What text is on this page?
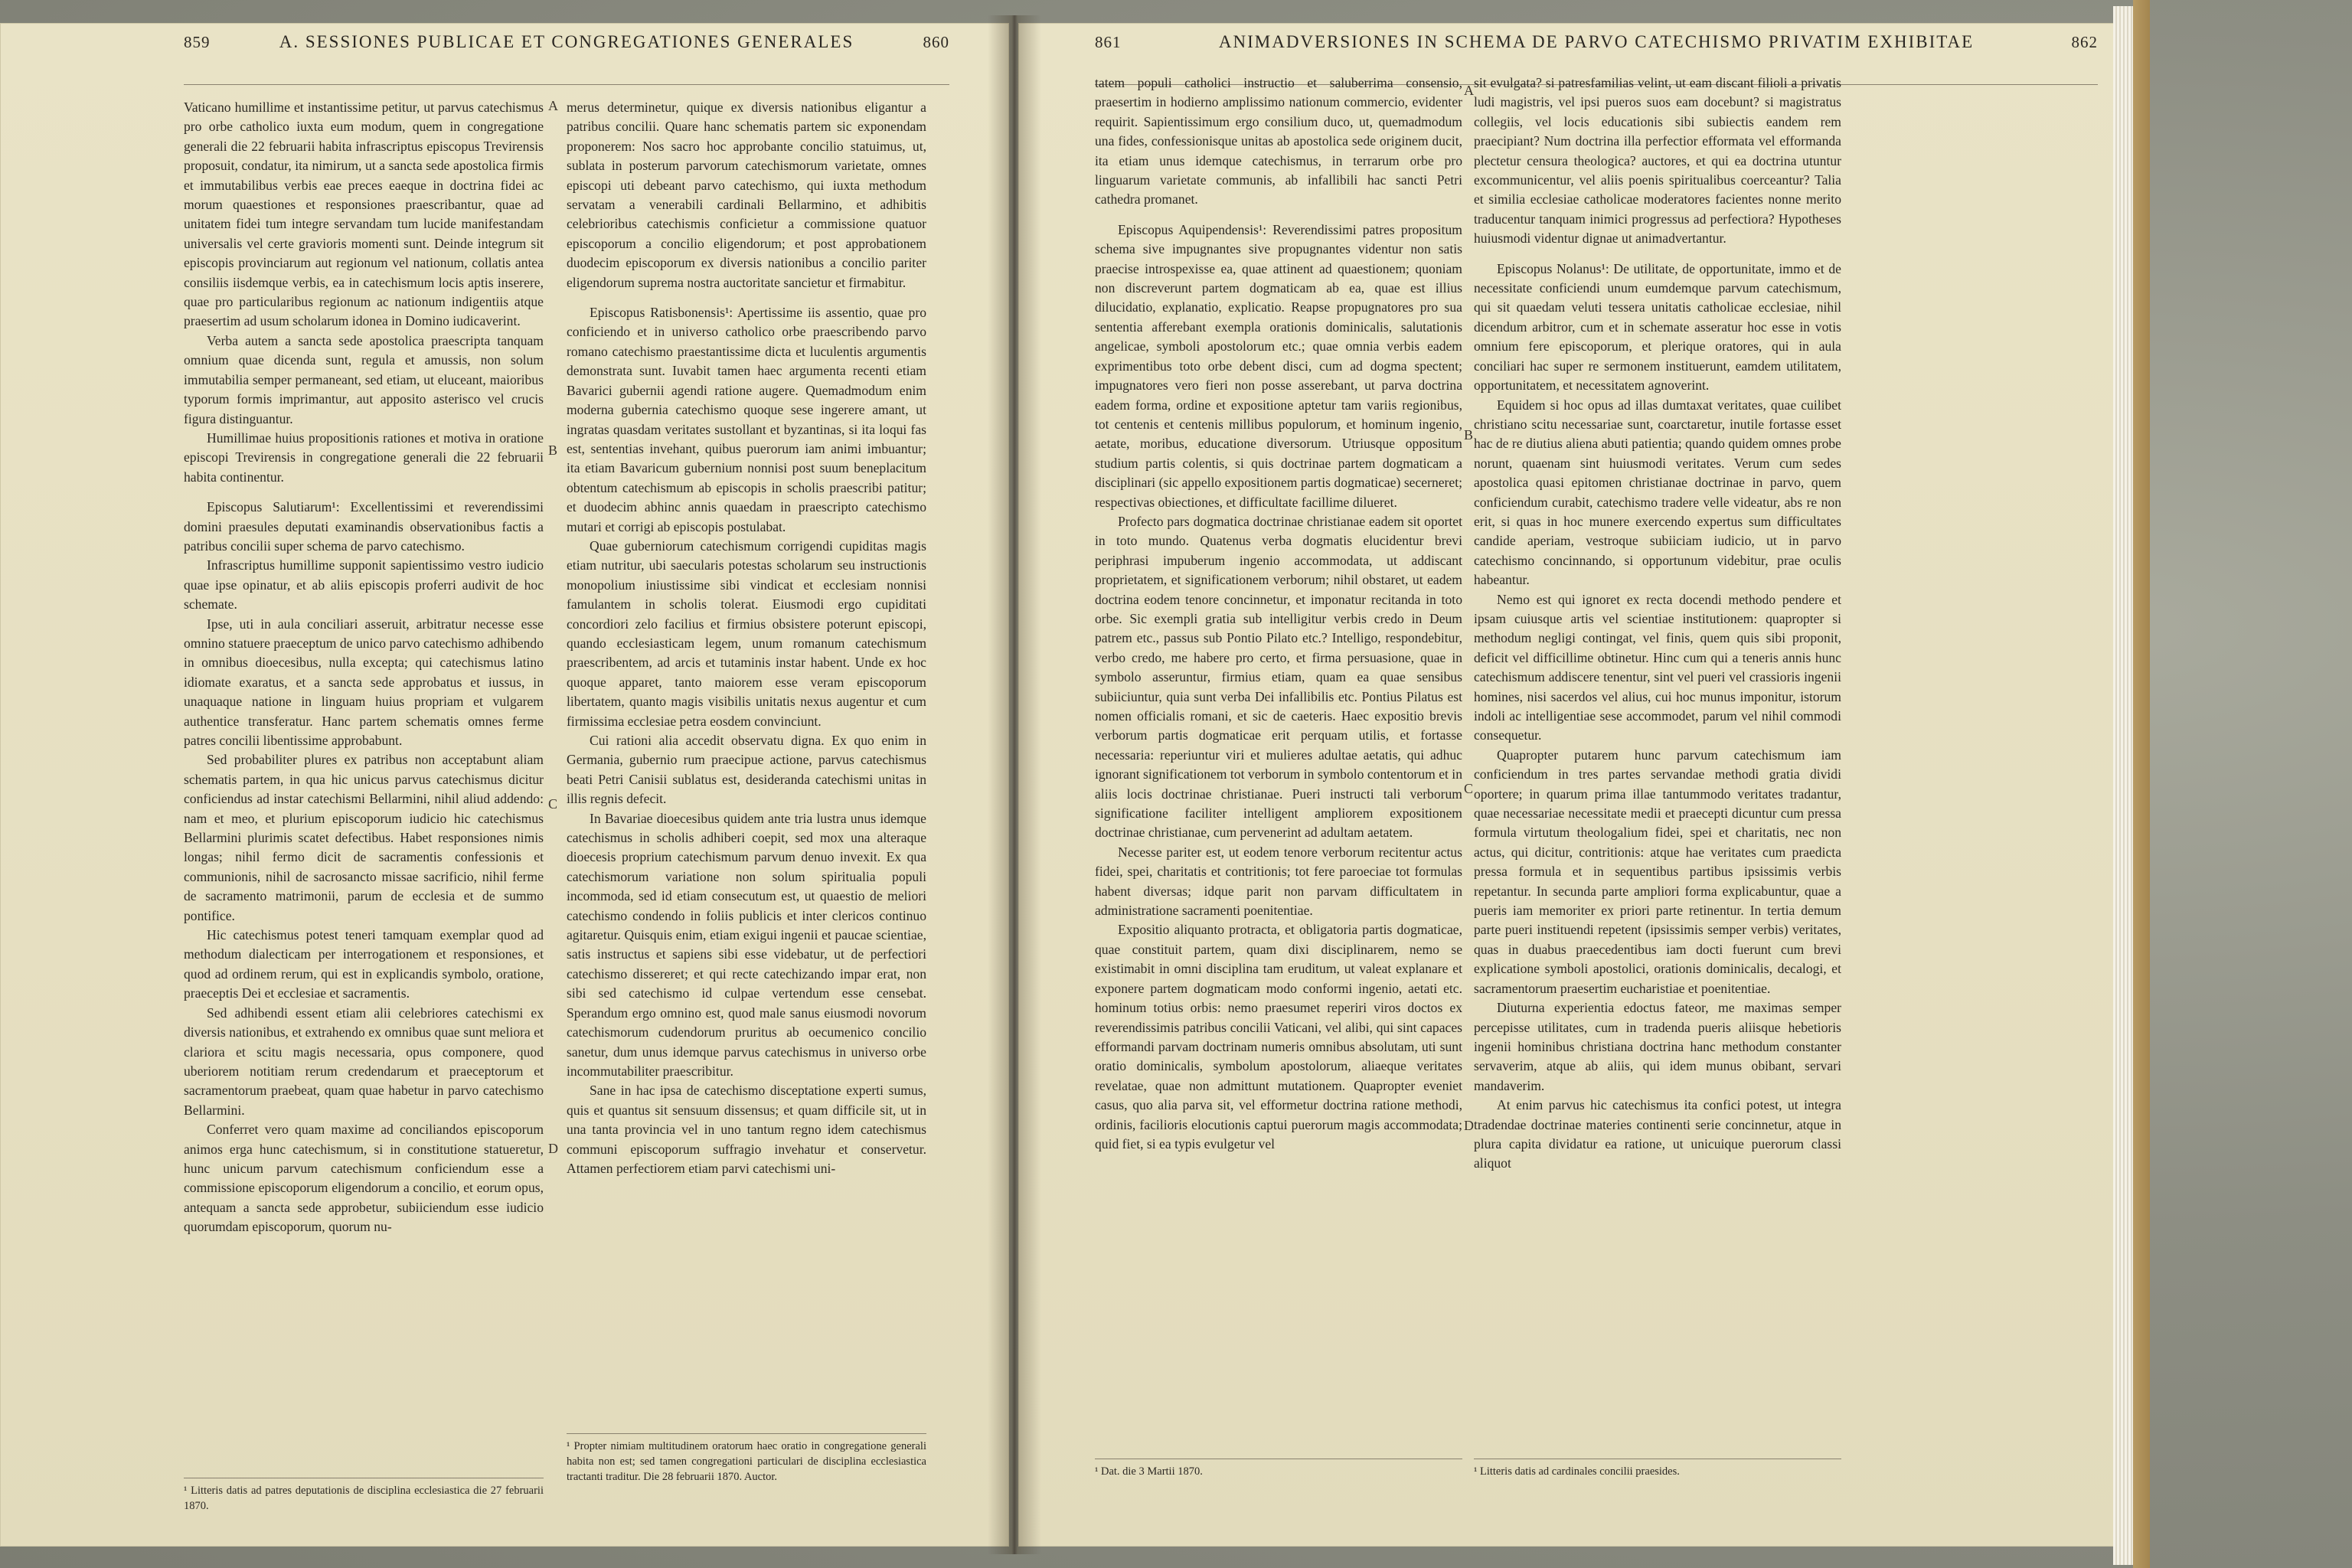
859	A. SESSIONES PUBLICAE ET CONGREGATIONES GENERALES	860	861	ANIMADVERSIONES IN SCHEMA DE PARVO CATECHISMO PRIVATIM EXHIBITAE	862

Vaticano humillime et instantissime petitur, ut parvus catechismus pro orbe catholico iuxta eum modum, quem in congregatione generali die 22 februarii habita infrascriptus episcopus Trevirensis proposuit, condatur, ita nimirum, ut a sancta sede apostolica firmis et immutabilibus verbis eae preces eaeque in doctrina fidei ac morum quaestiones et responsiones praescribantur, quae ad unitatem fidei tum integre servandam tum lucide manifestandam universalis vel certe gravioris momenti sunt. Deinde integrum sit episcopis provinciarum aut regionum vel nationum, collatis antea consiliis iisdemque verbis, ea in catechismum locis aptis inserere, quae pro particularibus regionum ac nationum indigentiis atque praesertim ad usum scholarum idonea in Domino iudicaverint.

Verba autem a sancta sede apostolica praescripta tanquam omnium quae dicenda sunt, regula et amussis, non solum immutabilia semper permaneant, sed etiam, ut eluceant, maioribus typorum formis imprimantur, aut apposito asterisco vel crucis figura distinguantur.

Humillimae huius propositionis rationes et motiva in oratione episcopi Trevirensis in congregatione generali die 22 februarii habita continentur.

Episcopus Salutiarum¹: Excellentissimi et reverendissimi domini praesules deputati examinandis observationibus factis a patribus concilii super schema de parvo catechismo.

Infrascriptus humillime supponit sapientissimo vestro iudicio quae ipse opinatur, et ab aliis episcopis proferri audivit de hoc schemate.

Ipse, uti in aula conciliari asseruit, arbitratur necesse esse omnino statuere praeceptum de unico parvo catechismo adhibendo in omnibus dioecesibus, nulla excepta; qui catechismus latino idiomate exaratus, et a sancta sede approbatus et iussus, in unaquaque natione in linguam huius propriam et vulgarem authentice transferatur. Hanc partem schematis omnes ferme patres concilii libentissime approbabunt.

Sed probabiliter plures ex patribus non acceptabunt aliam schematis partem, in qua hic unicus parvus catechismus dicitur conficiendus ad instar catechismi Bellarmini, nihil aliud addendo: nam et meo, et plurium episcoporum iudicio hic catechismus Bellarmini plurimis scatet defectibus. Habet responsiones nimis longas; nihil fermo dicit de sacramentis confessionis et communionis, nihil de sacrosancto missae sacrificio, nihil ferme de sacramento matrimonii, parum de ecclesia et de summo pontifice.

Hic catechismus potest teneri tamquam exemplar quod ad methodum dialecticam per interrogationem et responsiones, et quod ad ordinem rerum, qui est in explicandis symbolo, oratione, praeceptis Dei et ecclesiae et sacramentis.

Sed adhibendi essent etiam alii celebriores catechismi ex diversis nationibus, et extrahendo ex omnibus quae sunt meliora et clariora et scitu magis necessaria, opus componere, quod uberiorem notitiam rerum credendarum et praeceptorum et sacramentorum praebeat, quam quae habetur in parvo catechismo Bellarmini.

Conferret vero quam maxime ad conciliandos episcoporum animos erga hunc catechismum, si in constitutione statueretur, hunc unicum parvum catechismum conficiendum esse a commissione episcoporum eligendorum a concilio, et eorum opus, antequam a sancta sede approbetur, subiiciendum esse iudicio quorumdam episcoporum, quorum nu-

merus determinetur, quique ex diversis nationibus eligantur a patribus concilii. Quare hanc schematis partem sic exponendam proponerem: Nos sacro hoc approbante concilio statuimus, ut, sublata in posterum parvorum catechismorum varietate, omnes episcopi uti debeant parvo catechismo, qui iuxta methodum servatam a venerabili cardinali Bellarmino, et adhibitis celebrioribus catechismis conficietur a commissione quatuor episcoporum a concilio eligendorum; et post approbationem duodecim episcoporum ex diversis nationibus a concilio pariter eligendorum suprema nostra auctoritate sancietur et firmabitur.

Episcopus Ratisbonensis¹: Apertissime iis assentio, quae pro conficiendo et in universo catholico orbe praescribendo parvo romano catechismo praestantissime dicta et luculentis argumentis demonstrata sunt. Iuvabit tamen haec argumenta recenti etiam Bavarici gubernii agendi ratione augere. Quemadmodum enim moderna gubernia catechismo quoque sese ingerere amant, ut ingratas quasdam veritates sustollant et byzantinas, si ita loqui fas est, sententias invehant, quibus puerorum iam animi imbuantur; ita etiam Bavaricum gubernium nonnisi post suum beneplacitum obtentum catechismum ab episcopis in scholis praescribi patitur; et duodecim abhinc annis quaedam in praescripto catechismo mutari et corrigi ab episcopis postulabat.

Quae guberniorum catechismum corrigendi cupiditas magis etiam nutritur, ubi saecularis potestas scholarum seu instructionis monopolium iniustissime sibi vindicat et ecclesiam nonnisi famulantem in scholis tolerat. Eiusmodi ergo cupiditati concordiori zelo facilius et firmius obsistere poterunt episcopi, quando ecclesiasticam legem, unum romanum catechismum praescribentem, ad arcis et tutaminis instar habent. Unde ex hoc quoque apparet, tanto maiorem esse veram episcoporum libertatem, quanto magis visibilis unitatis nexus augentur et cum firmissima ecclesiae petra eosdem convinciunt.

Cui rationi alia accedit observatu digna. Ex quo enim in Germania, gubernio rum praecipue actione, parvus catechismus beati Petri Canisii sublatus est, desideranda catechismi unitas in illis regnis defecit.

In Bavariae dioecesibus quidem ante tria lustra unus idemque catechismus in scholis adhiberi coepit, sed mox una alteraque dioecesis proprium catechismum parvum denuo invexit. Ex qua catechismorum variatione non solum spiritualia populi incommoda, sed id etiam consecutum est, ut quaestio de meliori catechismo condendo in foliis publicis et inter clericos continuo agitaretur. Quisquis enim, etiam exigui ingenii et paucae scientiae, satis instructus et sapiens sibi esse videbatur, ut de perfectiori catechismo dissereret; et qui recte catechizando impar erat, non sibi sed catechismo id culpae vertendum esse censebat. Sperandum ergo omnino est, quod male sanus eiusmodi novorum catechismorum cudendorum pruritus ab oecumenico concilio sanetur, dum unus idemque parvus catechismus in universo orbe incommutabiliter praescribitur.

Sane in hac ipsa de catechismo disceptatione experti sumus, quis et quantus sit sensuum dissensus; et quam difficile sit, ut in una tanta provincia vel in uno tantum regno idem catechismus communi episcoporum suffragio invehatur et conservetur. Attamen perfectiorem etiam parvi catechismi uni-

tatem populi catholici instructio et saluberrima consensio, praesertim in hodierno amplissimo nationum commercio, evidenter requirit. Sapientissimum ergo consilium duco, ut, quemadmodum una fides, confessionisque unitas ab apostolica sede originem ducit, ita etiam unus idemque catechismus, in terrarum orbe pro linguarum varietate communis, ab infallibili hac sancti Petri cathedra promanet.

Episcopus Aquipendensis¹: Reverendissimi patres propositum schema sive impugnantes sive propugnantes videntur non satis praecise introspexisse ea, quae attinent ad quaestionem; quoniam non discreverunt partem dogmaticam ab ea, quae est illius dilucidatio, explanatio, explicatio. Reapse propugnatores pro sua sententia afferebant exempla orationis dominicalis, salutationis angelicae, symboli apostolorum etc.; quae omnia verbis eadem exprimentibus toto orbe debent disci, cum ad dogma spectent; impugnatores vero fieri non posse asserebant, ut parva doctrina eadem forma, ordine et expositione aptetur tam variis regionibus, tot centenis et centenis millibus populorum, et hominum ingenio, aetate, moribus, educatione diversorum. Utriusque oppositum studium partis colentis, si quis doctrinae partem dogmaticam a disciplinari (sic appello expositionem partis dogmaticae) secerneret; respectivas obiectiones, et difficultate facillime dilueret.

Profecto pars dogmatica doctrinae christianae eadem sit oportet in toto mundo. Quatenus verba dogmatis elucidentur brevi periphrasi impuberum ingenio accommodata, ut addiscant proprietatem, et significationem verborum; nihil obstaret, ut eadem doctrina eodem tenore concinnetur, et imponatur recitanda in toto orbe. Sic exempli gratia sub intelligitur verbis credo in Deum patrem etc., passus sub Pontio Pilato etc.? Intelligo, respondebitur, verbo credo, me habere pro certo, et firma persuasione, quae in symbolo asseruntur, firmius etiam, quam ea quae sensibus subiiciuntur, quia sunt verba Dei infallibilis etc. Pontius Pilatus est nomen officialis romani, et sic de caeteris. Haec expositio brevis verborum partis dogmaticae erit perquam utilis, et fortasse necessaria: reperiuntur viri et mulieres adultae aetatis, qui adhuc ignorant significationem tot verborum in symbolo contentorum et in aliis locis doctrinae christianae. Pueri instructi tali verborum significatione faciliter intelligent ampliorem expositionem doctrinae christianae, cum pervenerint ad adultam aetatem.

Necesse pariter est, ut eodem tenore verborum recitentur actus fidei, spei, charitatis et contritionis; tot fere paroeciae tot formulas habent diversas; idque parit non parvam difficultatem in administratione sacramenti poenitentiae.

Expositio aliquanto protracta, et obligatoria partis dogmaticae, quae constituit partem, quam dixi disciplinarem, nemo se existimabit in omni disciplina tam eruditum, ut valeat explanare et exponere partem dogmaticam modo conformi ingenio, aetati etc. hominum totius orbis: nemo praesumet reperiri viros doctos ex reverendissimis patribus concilii Vaticani, vel alibi, qui sint capaces efformandi parvam doctrinam numeris omnibus absolutam, uti sunt oratio dominicalis, symbolum apostolorum, aliaeque veritates revelatae, quae non admittunt mutationem. Quapropter eveniet casus, quo alia parva sit, vel efformetur doctrina ratione methodi, ordinis, facilioris elocutionis captui puerorum magis accommodata; quid fiet, si ea typis evulgetur vel

sit evulgata? si patresfamilias velint, ut eam discant filioli a privatis ludi magistris, vel ipsi pueros suos eam docebunt? si magistratus collegiis, vel locis educationis sibi subiectis eandem rem praecipiant? Num doctrina illa perfectior efformata vel efformanda plectetur censura theologica? auctores, et qui ea doctrina utuntur excommunicentur, vel aliis poenis spiritualibus coerceantur? Talia et similia ecclesiae catholicae moderatores facientes nonne merito traducentur tanquam inimici progressus ad perfectiora? Hypotheses huiusmodi videntur dignae ut animadvertantur.

Episcopus Nolanus¹: De utilitate, de opportunitate, immo et de necessitate conficiendi unum eumdemque parvum catechismum, qui sit quaedam veluti tessera unitatis catholicae ecclesiae, nihil dicendum arbitror, cum et in schemate asseratur hoc esse in votis omnium fere episcoporum, et plerique oratores, qui in aula conciliari hac super re sermonem instituerunt, eamdem utilitatem, opportunitatem, et necessitatem agnoverint.

Equidem si hoc opus ad illas dumtaxat veritates, quae cuilibet christiano scitu necessariae sunt, coarctaretur, inutile fortasse esset hac de re diutius aliena abuti patientia; quando quidem omnes probe norunt, quaenam sint huiusmodi veritates. Verum cum sedes apostolica quasi epitomen christianae doctrinae in parvo, quem conficiendum curabit, catechismo tradere velle videatur, abs re non erit, si quas in hoc munere exercendo expertus sum difficultates candide aperiam, vestroque subiiciam iudicio, ut in parvo catechismo concinnando, si opportunum videbitur, prae oculis habeantur.

Nemo est qui ignoret ex recta docendi methodo pendere et ipsam cuiusque artis vel scientiae institutionem: quapropter si methodum negligi contingat, vel finis, quem quis sibi proponit, deficit vel difficillime obtinetur. Hinc cum qui a teneris annis hunc catechismum addiscere tenentur, sint vel pueri vel crassioris ingenii homines, nisi sacerdos vel alius, cui hoc munus imponitur, istorum indoli ac intelligentiae sese accommodet, parum vel nihil commodi consequetur.

Quapropter putarem hunc parvum catechismum iam conficiendum in tres partes servandae methodi gratia dividi oportere; in quarum prima illae tantummodo veritates tradantur, quae necessariae necessitate medii et praecepti dicuntur cum pressa formula virtutum theologalium fidei, spei et charitatis, nec non actus, qui dicitur, contritionis: atque hae veritates cum praedicta pressa formula et in sequentibus partibus ipsissimis verbis repetantur. In secunda parte ampliori forma explicabuntur, quae a pueris iam memoriter ex priori parte retinentur. In tertia demum parte pueri instituendi repetent (ipsissimis semper verbis) veritates, quas in duabus praecedentibus iam docti fuerunt cum brevi explicatione symboli apostolici, orationis dominicalis, decalogi, et sacramentorum praesertim eucharistiae et poenitentiae.

Diuturna experientia edoctus fateor, me maximas semper percepisse utilitates, cum in tradenda pueris aliisque hebetioris ingenii hominibus christiana doctrina hanc methodum constanter servaverim, atque ab aliis, qui idem munus obibant, servari mandaverim.

At enim parvus hic catechismus ita confici potest, ut integra tradendae doctrinae materies continenti serie concinnetur, atque in plura capita dividatur ea ratione, ut unicuique puerorum classi aliquot

A
B
C
D
A
B
C
D

¹ Litteris datis ad patres deputationis de disciplina ecclesiastica die 27 februarii 1870.

¹ Propter nimiam multitudinem oratorum haec oratio in congregatione generali habita non est; sed tamen congregationi particulari de disciplina ecclesiastica tractanti traditur. Die 28 februarii 1870. Auctor.	¹ Dat. die 3 Martii 1870.	¹ Litteris datis ad cardinales concilii praesides.
